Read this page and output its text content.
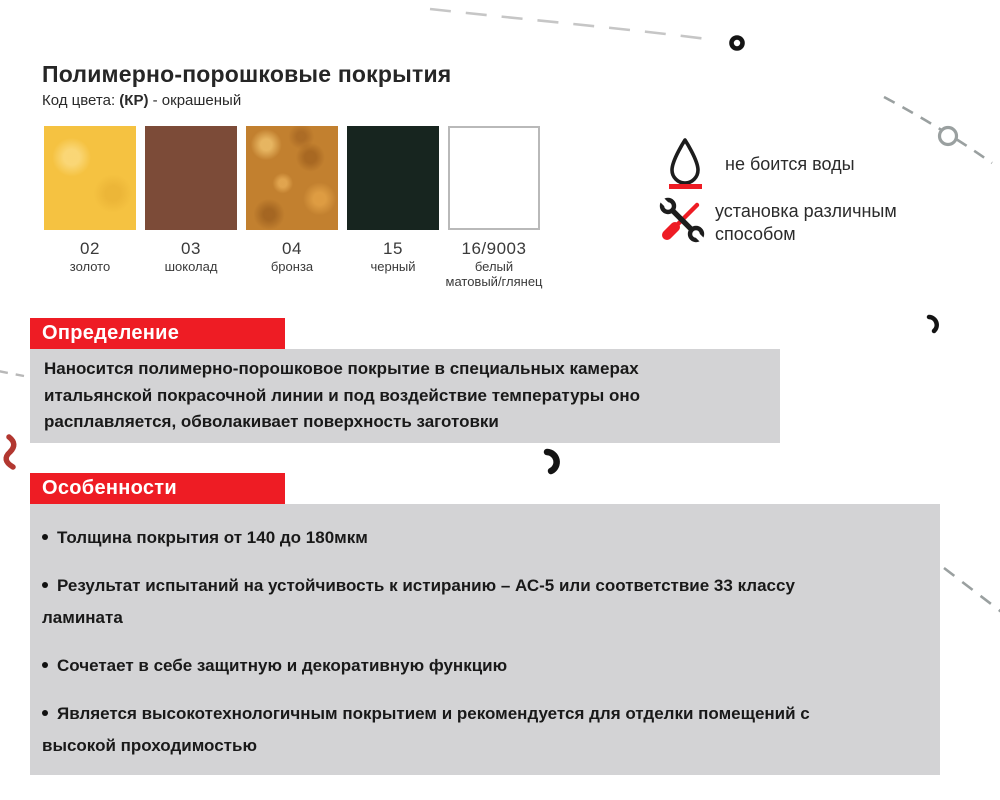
Полимерно-порошковые покрытия
Код цвета: (КР) - окрашеный
02
золото
03
шоколад
04
бронза
15
черный
16/9003
белый
матовый/глянец
не боится воды
установка различным
способом
Определение
Наносится полимерно-порошковое покрытие в специальных камерах
итальянской покрасочной линии и под воздействие температуры оно
расплавляется, обволакивает поверхность заготовки
Особенности

Толщина покрытия от 140 до 180мкм

Результат испытаний на устойчивость к истиранию – АС-5 или соответствие 33 классу
ламината

Сочетает в себе защитную и декоративную функцию

Является высокотехнологичным покрытием и рекомендуется для отделки помещений с
высокой проходимостью
